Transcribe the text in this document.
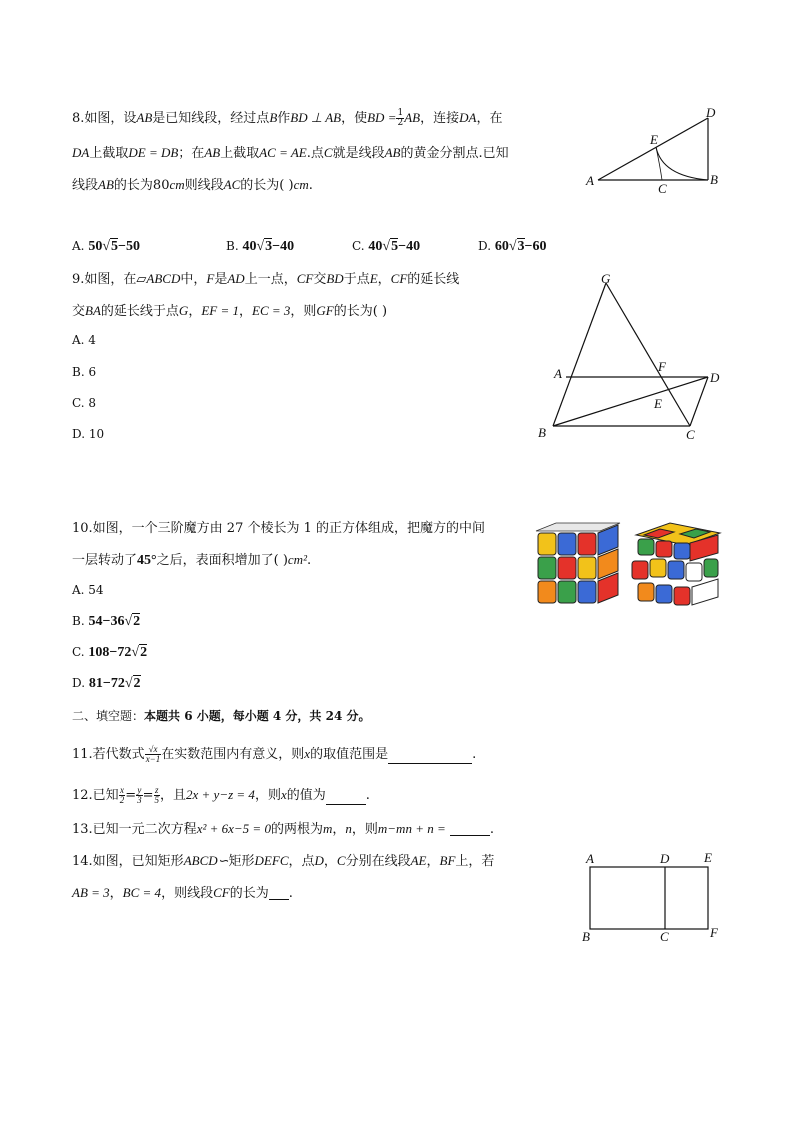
8.如图，设AB是已知线段，经过点B作BD ⊥ AB，使BD = $\frac{1}{2}$ AB，连接DA，在
DA上截取DE = DB；在AB上截取AC = AE.点C就是线段AB的黄金分割点.已知
线段AB的长为80cm则线段AC的长为( )cm.
A. 50√5−50	B. 40√3−40	C. 40√5−40	D. 60√3−60
A	B
C
D
E
9.如图，在▱ABCD中，F是AD上一点，CF交BD于点E，CF的延长线
交BA的延长线于点G，EF = 1，EC = 3，则GF的长为( )
A. 4
B. 6
C. 8
D. 10
G
A	F
D
E
B	C
10.如图，一个三阶魔方由 27 个棱长为 1 的正方体组成，把魔方的中间
一层转动了45°之后，表面积增加了( )cm².
A. 54
B. 54−36√2
C. 108−72√2
D. 81−72√2
二、填空题：本题共 6 小题，每小题 4 分，共 24 分。
11.若代数式 $\frac{√x}{x-1}$ 在实数范围内有意义，则x的取值范围是	.
12.已知 $\frac{x}{2} = \frac{y}{3} = \frac{z}{5}$ ，且2x + y−z = 4，则x的值为	.
13.已知一元二次方程x² + 6x−5 = 0的两根为m，n，则m−mn + n =	.
14.如图，已知矩形ABCD∽矩形DEFC，点D，C分别在线段AE，BF上，若
AB = 3，BC = 4，则线段CF的长为 .
A	D	E
B	C	F
